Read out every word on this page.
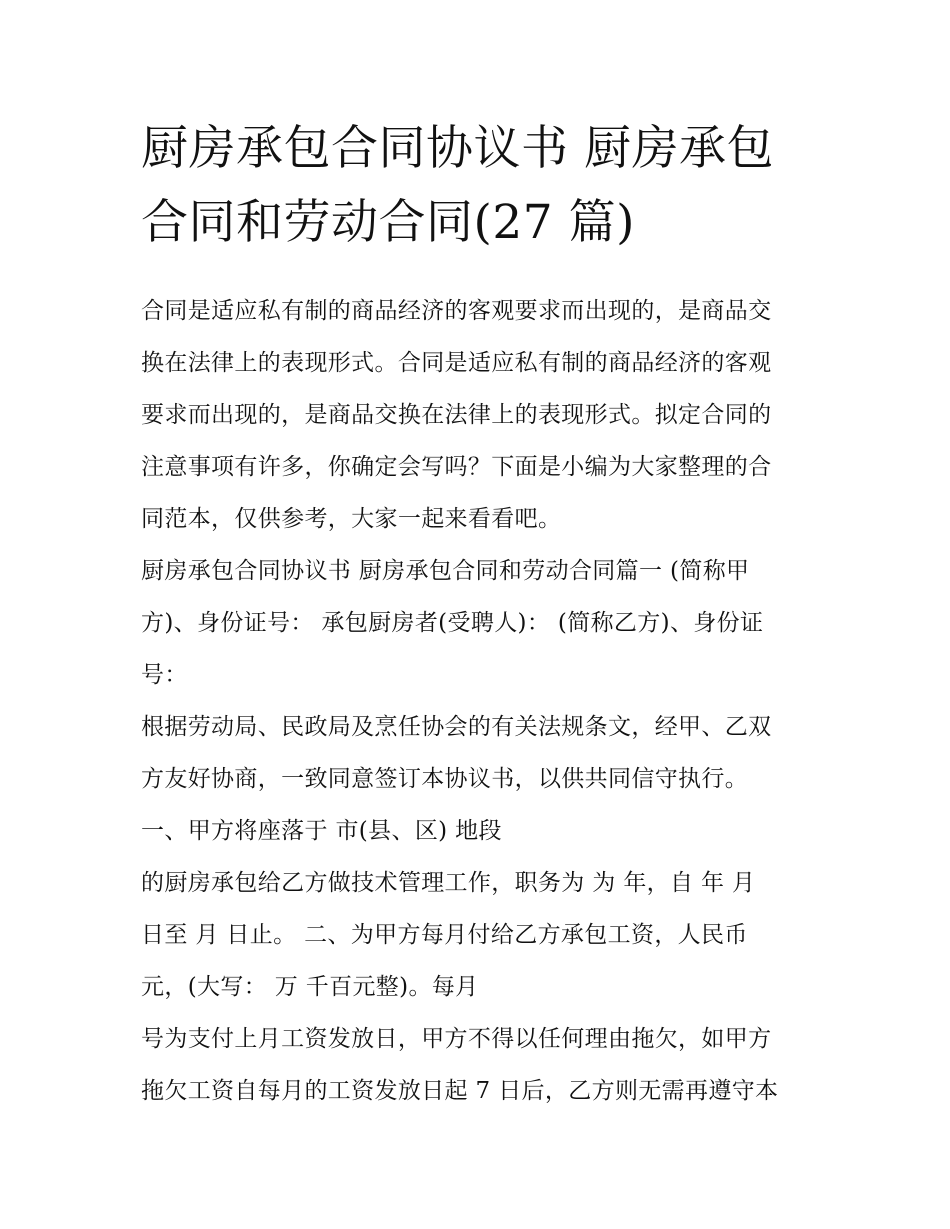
厨房承包合同协议书 厨房承包
合同和劳动合同(27 篇)
合同是适应私有制的商品经济的客观要求而出现的，是商品交
换在法律上的表现形式。合同是适应私有制的商品经济的客观
要求而出现的，是商品交换在法律上的表现形式。拟定合同的
注意事项有许多，你确定会写吗？下面是小编为大家整理的合
同范本，仅供参考，大家一起来看看吧。
厨房承包合同协议书 厨房承包合同和劳动合同篇一 (简称甲
方)、身份证号： 承包厨房者(受聘人)： (简称乙方)、身份证
号：
根据劳动局、民政局及烹任协会的有关法规条文，经甲、乙双
方友好协商，一致同意签订本协议书，以供共同信守执行。
一、甲方将座落于 市(县、区) 地段
的厨房承包给乙方做技术管理工作，职务为 为 年，自 年 月
日至 月 日止。 二、为甲方每月付给乙方承包工资，人民币
元，(大写： 万 千百元整)。每月
号为支付上月工资发放日，甲方不得以任何理由拖欠，如甲方
拖欠工资自每月的工资发放日起 7 日后，乙方则无需再遵守本
